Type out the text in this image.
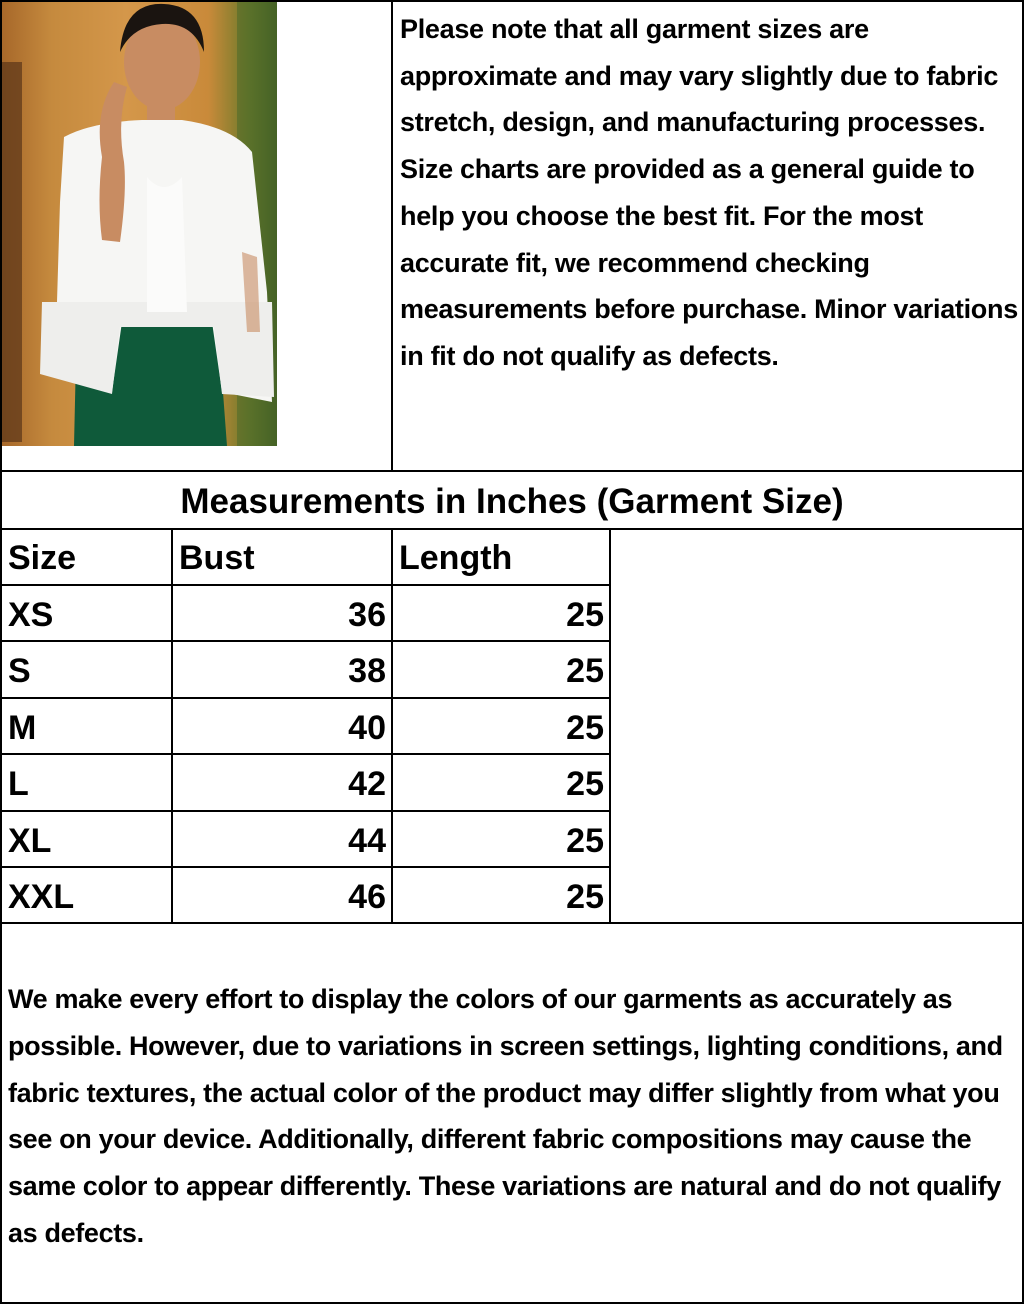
Please note that all garment sizes are approximate and may vary slightly due to fabric stretch, design, and manufacturing processes. Size charts are provided as a general guide to help you choose the best fit. For the most accurate fit, we recommend checking measurements before purchase. Minor variations in fit do not qualify as defects.
Measurements in Inches (Garment Size)
Size	Bust	Length
XS	36	25
S	38	25
M	40	25
L	42	25
XL	44	25
XXL	46	25
We make every effort to display the colors of our garments as accurately as possible. However, due to variations in screen settings, lighting conditions, and fabric textures, the actual color of the product may differ slightly from what you see on your device. Additionally, different fabric compositions may cause the same color to appear differently. These variations are natural and do not qualify as defects.
